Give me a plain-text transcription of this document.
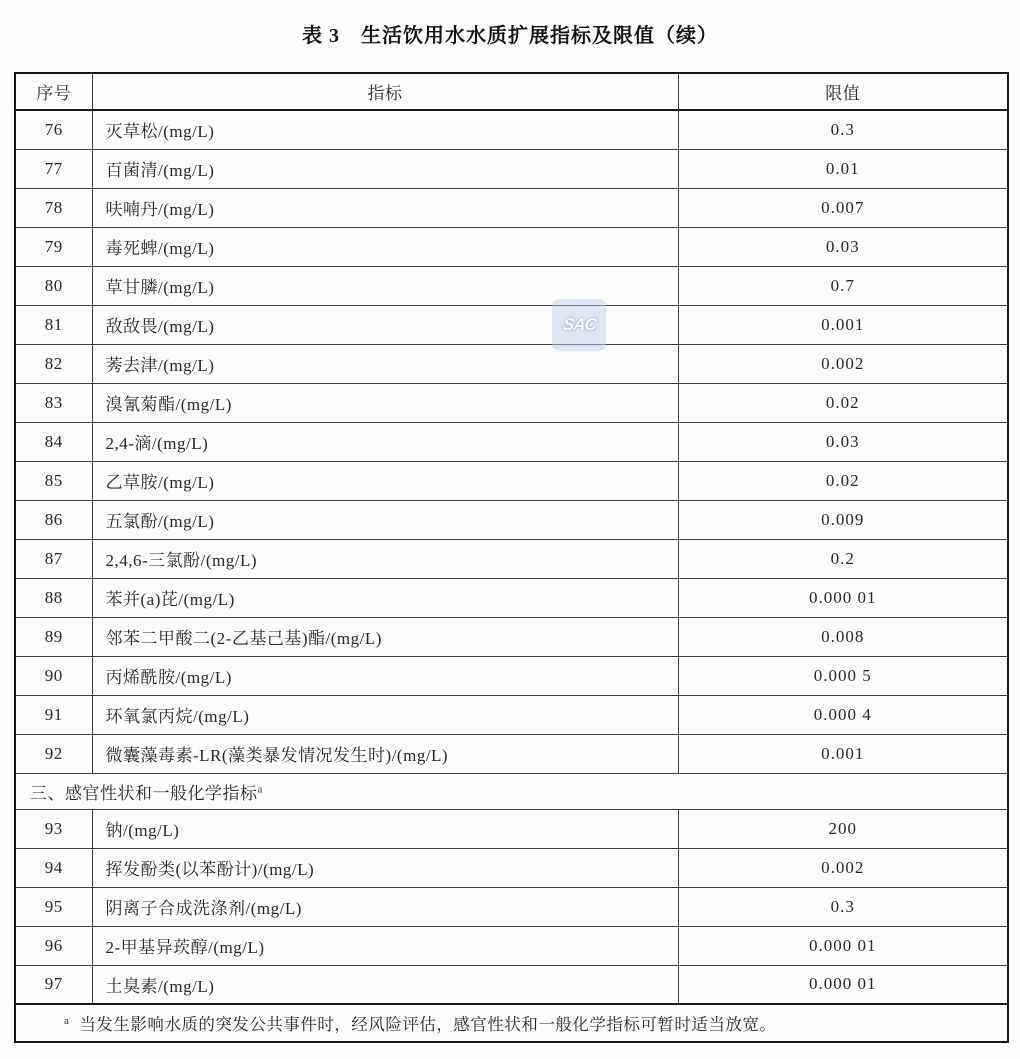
表 3　生活饮用水水质扩展指标及限值（续）
序号	指标	限值
76	灭草松/(mg/L)	0.3
77	百菌清/(mg/L)	0.01
78	呋喃丹/(mg/L)	0.007
79	毒死蜱/(mg/L)	0.03
80	草甘膦/(mg/L)	0.7
81	敌敌畏/(mg/L)	0.001
82	莠去津/(mg/L)	0.002
83	溴氰菊酯/(mg/L)	0.02
84	2,4-滴/(mg/L)	0.03
85	乙草胺/(mg/L)	0.02
86	五氯酚/(mg/L)	0.009
87	2,4,6-三氯酚/(mg/L)	0.2
88	苯并(a)芘/(mg/L)	0.000 01
89	邻苯二甲酸二(2-乙基己基)酯/(mg/L)	0.008
90	丙烯酰胺/(mg/L)	0.000 5
91	环氧氯丙烷/(mg/L)	0.000 4
92	微囊藻毒素-LR(藻类暴发情况发生时)/(mg/L)	0.001
三、感官性状和一般化学指标$^a$
93	钠/(mg/L)	200
94	挥发酚类(以苯酚计)/(mg/L)	0.002
95	阴离子合成洗涤剂/(mg/L)	0.3
96	2-甲基异莰醇/(mg/L)	0.000 01
97	土臭素/(mg/L)	0.000 01
$^a$ 当发生影响水质的突发公共事件时，经风险评估，感官性状和一般化学指标可暂时适当放宽。		
SAC
